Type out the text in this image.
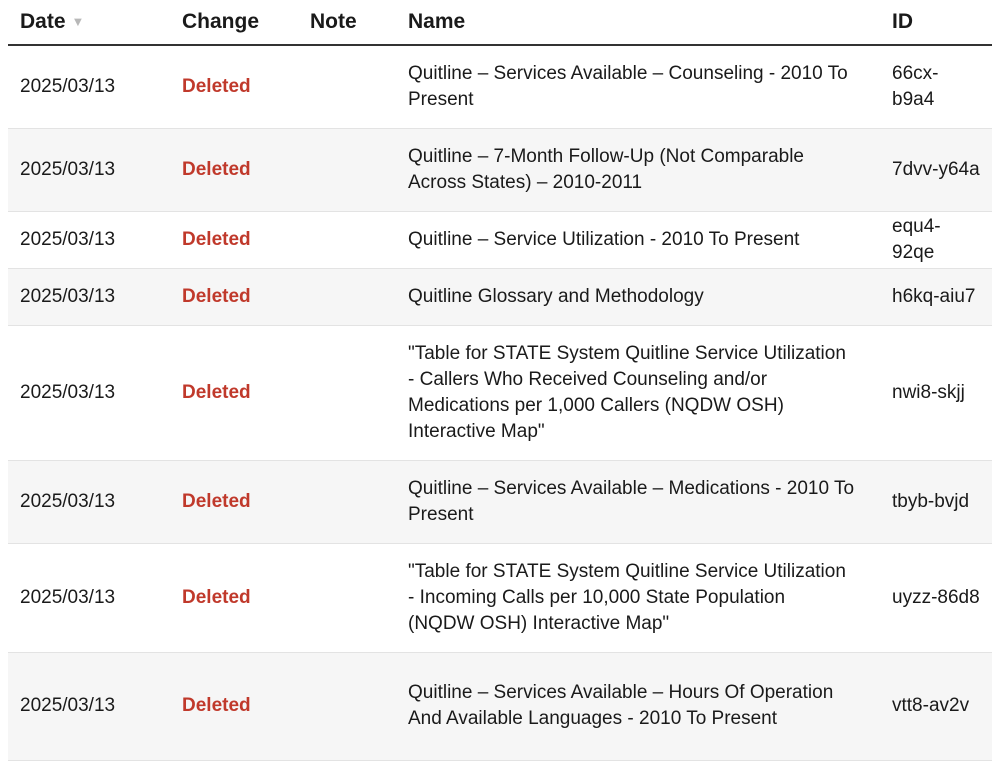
Date ▼	Change	Note	Name	ID
2025/03/13	Deleted		Quitline – Services Available – Counseling - 2010 To Present	66cx-b9a4
2025/03/13	Deleted		Quitline – 7-Month Follow-Up (Not Comparable Across States) – 2010-2011	7dvv-y64a
2025/03/13	Deleted		Quitline – Service Utilization - 2010 To Present	equ4-92qe
2025/03/13	Deleted		Quitline Glossary and Methodology	h6kq-aiu7
2025/03/13	Deleted		"Table for STATE System Quitline Service Utilization - Callers Who Received Counseling and/or Medications per 1,000 Callers (NQDW OSH) Interactive Map"	nwi8-skjj
2025/03/13	Deleted		Quitline – Services Available – Medications - 2010 To Present	tbyb-bvjd
2025/03/13	Deleted		"Table for STATE System Quitline Service Utilization - Incoming Calls per 10,000 State Population (NQDW OSH) Interactive Map"	uyzz-86d8
2025/03/13	Deleted		Quitline – Services Available – Hours Of Operation And Available Languages - 2010 To Present	vtt8-av2v
